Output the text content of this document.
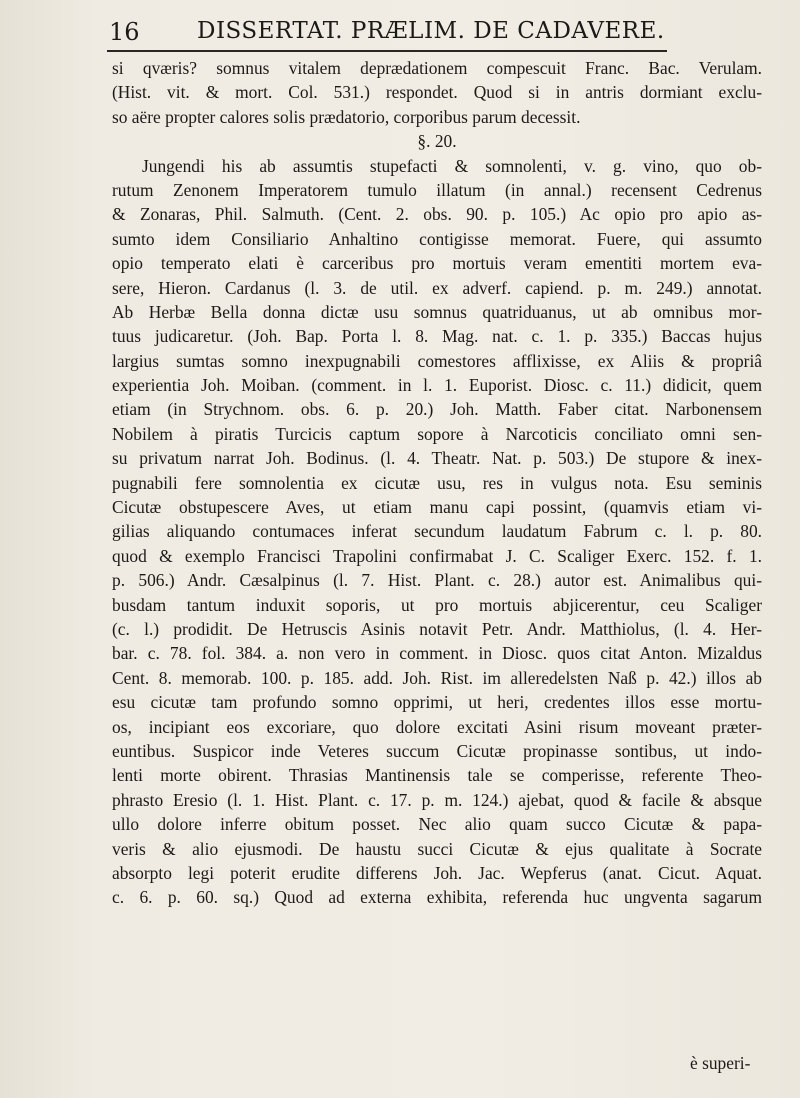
16 DISSERTAT. PRÆLIM. DE CADAVERE.
si qværis? somnus vitalem deprædationem compescuit Franc. Bac. Verulam.
(Hist. vit. & mort. Col. 531.) respondet. Quod si in antris dormiant exclu-
so aëre propter calores solis prædatorio, corporibus parum decessit.
§. 20.
Jungendi his ab assumtis stupefacti & somnolenti, v. g. vino, quo ob-
rutum Zenonem Imperatorem tumulo illatum (in annal.) recensent Cedrenus
& Zonaras, Phil. Salmuth. (Cent. 2. obs. 90. p. 105.) Ac opio pro apio as-
sumto idem Consiliario Anhaltino contigisse memorat. Fuere, qui assumto
opio temperato elati è carceribus pro mortuis veram ementiti mortem eva-
sere, Hieron. Cardanus (l. 3. de util. ex adverf. capiend. p. m. 249.) annotat.
Ab Herbæ Bella donna dictæ usu somnus quatriduanus, ut ab omnibus mor-
tuus judicaretur. (Joh. Bap. Porta l. 8. Mag. nat. c. 1. p. 335.) Baccas hujus
largius sumtas somno inexpugnabili comestores afflixisse, ex Aliis & propriâ
experientia Joh. Moiban. (comment. in l. 1. Euporist. Diosc. c. 11.) didicit, quem
etiam (in Strychnom. obs. 6. p. 20.) Joh. Matth. Faber citat. Narbonensem
Nobilem à piratis Turcicis captum sopore à Narcoticis conciliato omni sen-
su privatum narrat Joh. Bodinus. (l. 4. Theatr. Nat. p. 503.) De stupore & inex-
pugnabili fere somnolentia ex cicutæ usu, res in vulgus nota. Esu seminis
Cicutæ obstupescere Aves, ut etiam manu capi possint, (quamvis etiam vi-
gilias aliquando contumaces inferat secundum laudatum Fabrum c. l. p. 80.
quod & exemplo Francisci Trapolini confirmabat J. C. Scaliger Exerc. 152. f. 1.
p. 506.) Andr. Cæsalpinus (l. 7. Hist. Plant. c. 28.) autor est. Animalibus qui-
busdam tantum induxit soporis, ut pro mortuis abjicerentur, ceu Scaliger
(c. l.) prodidit. De Hetruscis Asinis notavit Petr. Andr. Matthiolus, (l. 4. Her-
bar. c. 78. fol. 384. a. non vero in comment. in Diosc. quos citat Anton. Mizaldus
Cent. 8. memorab. 100. p. 185. add. Joh. Rist. im alleredelsten Naß p. 42.) illos ab
esu cicutæ tam profundo somno opprimi, ut heri, credentes illos esse mortu-
os, incipiant eos excoriare, quo dolore excitati Asini risum moveant præter-
euntibus. Suspicor inde Veteres succum Cicutæ propinasse sontibus, ut indo-
lenti morte obirent. Thrasias Mantinensis tale se comperisse, referente Theo-
phrasto Eresio (l. 1. Hist. Plant. c. 17. p. m. 124.) ajebat, quod & facile & absque
ullo dolore inferre obitum posset. Nec alio quam succo Cicutæ & papa-
veris & alio ejusmodi. De haustu succi Cicutæ & ejus qualitate à Socrate
absorpto legi poterit erudite differens Joh. Jac. Wepferus (anat. Cicut. Aquat.
c. 6. p. 60. sq.) Quod ad externa exhibita, referenda huc ungventa sagarum
è superi-
